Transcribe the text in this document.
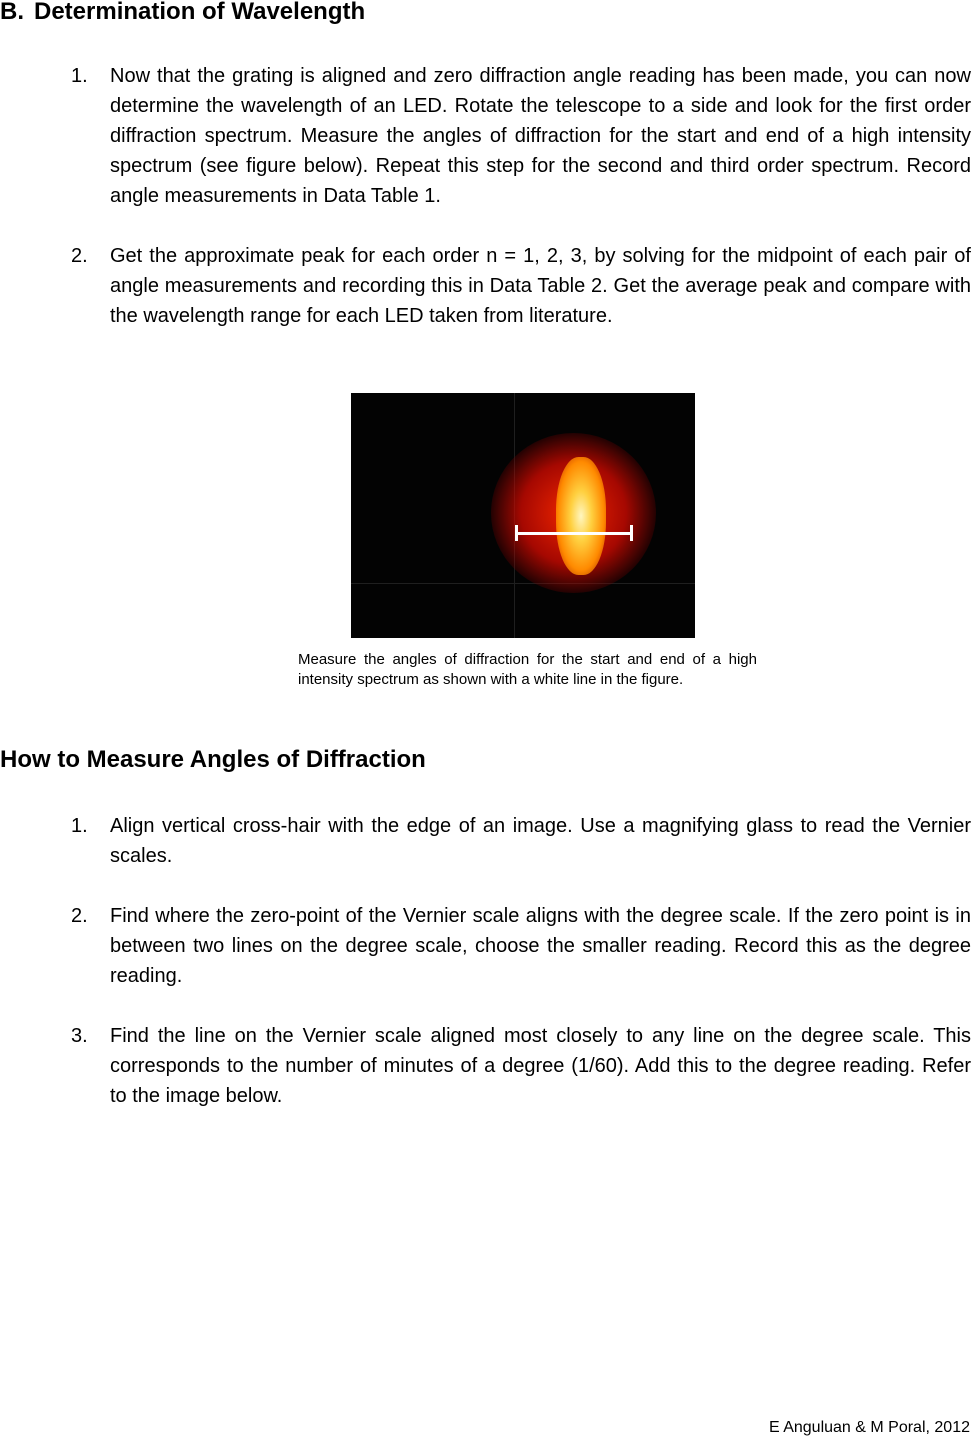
B. Determination of Wavelength
1. Now that the grating is aligned and zero diffraction angle reading has been made, you can now determine the wavelength of an LED. Rotate the telescope to a side and look for the first order diffraction spectrum. Measure the angles of diffraction for the start and end of a high intensity spectrum (see figure below). Repeat this step for the second and third order spectrum. Record angle measurements in Data Table 1.
2. Get the approximate peak for each order n = 1, 2, 3, by solving for the midpoint of each pair of angle measurements and recording this in Data Table 2. Get the average peak and compare with the wavelength range for each LED taken from literature.

Measure the angles of diffraction for the start and end of a high intensity spectrum as shown with a white line in the figure.

How to Measure Angles of Diffraction
1. Align vertical cross-hair with the edge of an image. Use a magnifying glass to read the Vernier scales.
2. Find where the zero-point of the Vernier scale aligns with the degree scale. If the zero point is in between two lines on the degree scale, choose the smaller reading. Record this as the degree reading.
3. Find the line on the Vernier scale aligned most closely to any line on the degree scale. This corresponds to the number of minutes of a degree (1/60). Add this to the degree reading. Refer to the image below.
E Anguluan & M Poral, 2012
